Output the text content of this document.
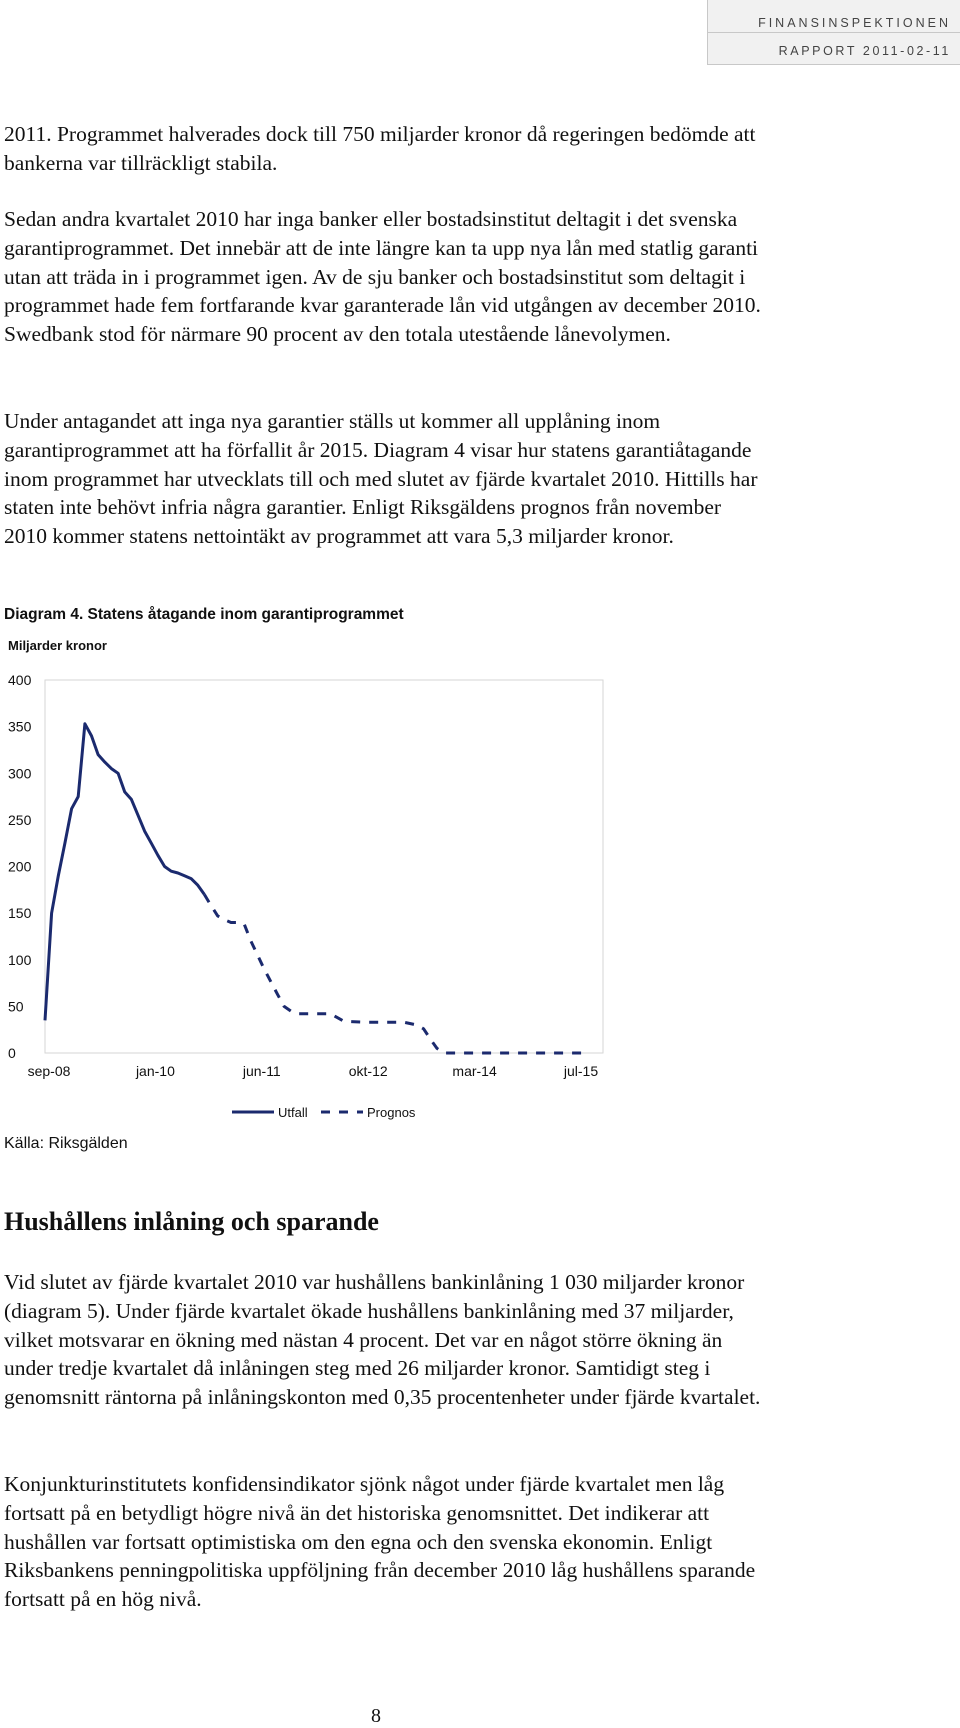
FINANSINSPEKTIONEN
RAPPORT 2011-02-11

2011. Programmet halverades dock till 750 miljarder kronor då regeringen bedömde att bankerna var tillräckligt stabila.

Sedan andra kvartalet 2010 har inga banker eller bostadsinstitut deltagit i det svenska garantiprogrammet. Det innebär att de inte längre kan ta upp nya lån med statlig garanti utan att träda in i programmet igen. Av de sju banker och bostadsinstitut som deltagit i programmet hade fem fortfarande kvar garanterade lån vid utgången av december 2010. Swedbank stod för närmare 90 procent av den totala utestående lånevolymen.

Under antagandet att inga nya garantier ställs ut kommer all upplåning inom garantiprogrammet att ha förfallit år 2015. Diagram 4 visar hur statens garantiåtagande inom programmet har utvecklats till och med slutet av fjärde kvartalet 2010. Hittills har staten inte behövt infria några garantier. Enligt Riksgäldens prognos från november 2010 kommer statens nettointäkt av programmet att vara 5,3 miljarder kronor.

Diagram 4. Statens åtagande inom garantiprogrammet
Miljarder kronor
0
50
100
150
200
250
300
350
400
sep-08	jan-10	jun-11	okt-12	mar-14	jul-15
Utfall	Prognos
Källa: Riksgälden
Hushållens inlåning och sparande

Vid slutet av fjärde kvartalet 2010 var hushållens bankinlåning 1 030 miljarder kronor (diagram 5). Under fjärde kvartalet ökade hushållens bankinlåning med 37 miljarder, vilket motsvarar en ökning med nästan 4 procent. Det var en något större ökning än under tredje kvartalet då inlåningen steg med 26 miljarder kronor. Samtidigt steg i genomsnitt räntorna på inlåningskonton med 0,35 procentenheter under fjärde kvartalet.

Konjunkturinstitutets konfidensindikator sjönk något under fjärde kvartalet men låg fortsatt på en betydligt högre nivå än det historiska genomsnittet. Det indikerar att hushållen var fortsatt optimistiska om den egna och den svenska ekonomin. Enligt Riksbankens penningpolitiska uppföljning från december 2010 låg hushållens sparande fortsatt på en hög nivå.

8
